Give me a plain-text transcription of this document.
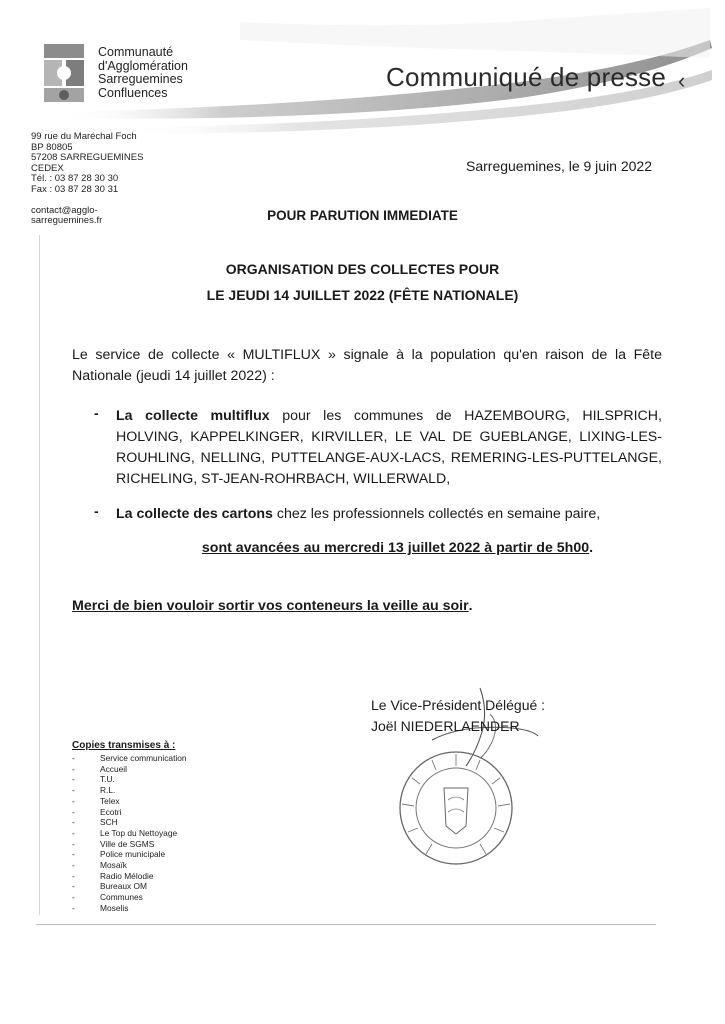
Communauté
d'Agglomération
Sarreguemines
Confluences
Communiqué de presse ‹
99 rue du Maréchal Foch
BP 80805
57208 SARREGUEMINES
CEDEX
Tél. : 03 87 28 30 30
Fax : 03 87 28 30 31
contact@agglo-
sarreguemines.fr
Sarreguemines, le 9 juin 2022
POUR PARUTION IMMEDIATE
ORGANISATION DES COLLECTES POUR
LE JEUDI 14 JUILLET 2022 (FÊTE NATIONALE)
Le service de collecte « MULTIFLUX » signale à la population qu'en raison de la Fête Nationale (jeudi 14 juillet 2022) :
- La collecte multiflux pour les communes de HAZEMBOURG, HILSPRICH, HOLVING, KAPPELKINGER, KIRVILLER, LE VAL DE GUEBLANGE, LIXING-LES-ROUHLING, NELLING, PUTTELANGE-AUX-LACS, REMERING-LES-PUTTELANGE, RICHELING, ST-JEAN-ROHRBACH, WILLERWALD,
- La collecte des cartons chez les professionnels collectés en semaine paire,
sont avancées au mercredi 13 juillet 2022 à partir de 5h00.
Merci de bien vouloir sortir vos conteneurs la veille au soir.
Le Vice-Président Délégué :
Joël NIEDERLAENDER
Copies transmises à :
-	Service communication
-	Accueil
-	T.U.
-	R.L.
-	Telex
-	Ecotri
-	SCH
-	Le Top du Nettoyage
-	Ville de SGMS
-	Police municipale
-	Mosaïk
-	Radio Mélodie
-	Bureaux OM
-	Communes
-	Moselis
